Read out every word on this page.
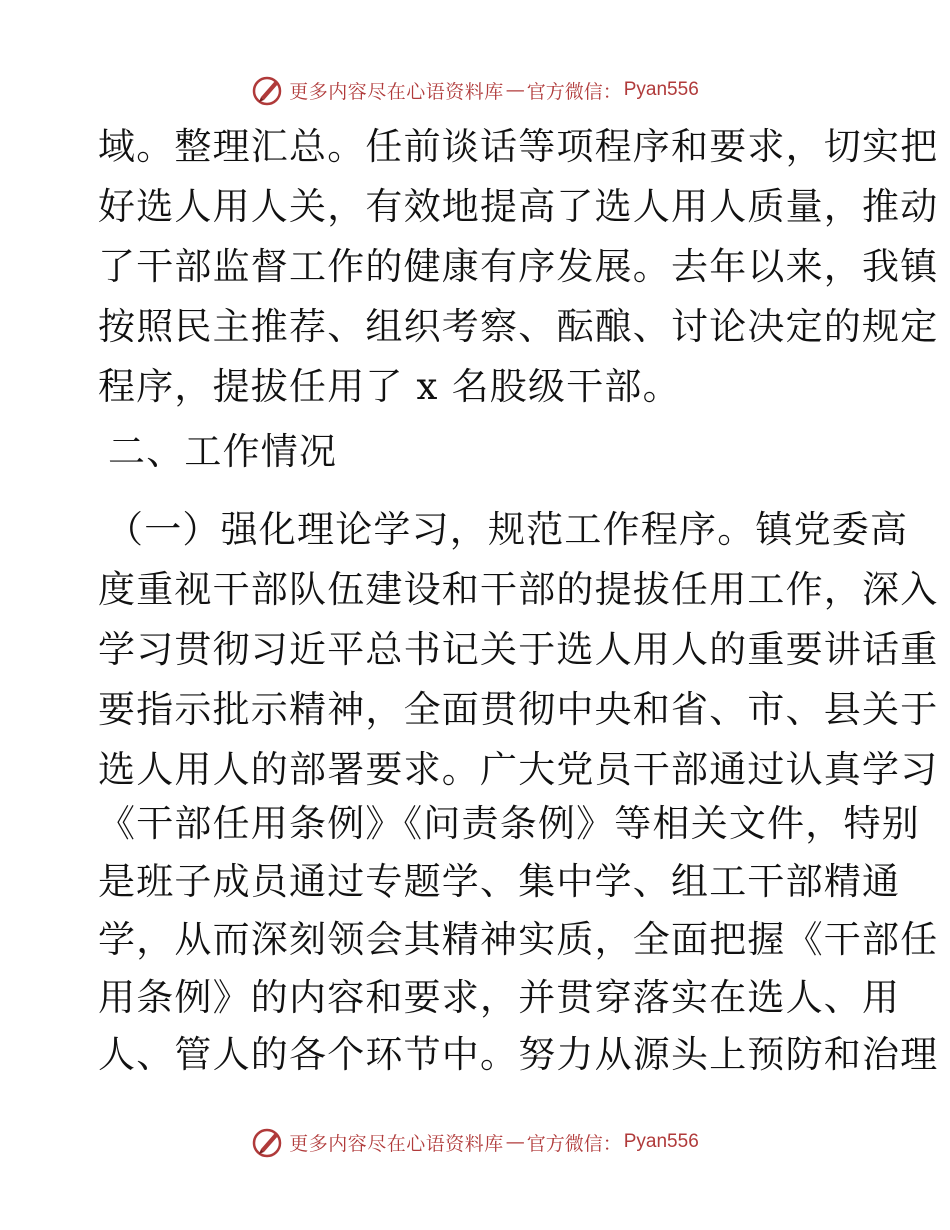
更多内容尽在心语资料库 — 官方微信： Pyan556
域。整理汇总。任前谈话等项程序和要求，切实把
好选人用人关，有效地提高了选人用人质量，推动
了干部监督工作的健康有序发展。去年以来，我镇
按照民主推荐、组织考察、酝酿、讨论决定的规定
程序，提拔任用了 x 名股级干部。
二、工作情况
（一）强化理论学习，规范工作程序。镇党委高
度重视干部队伍建设和干部的提拔任用工作，深入
学习贯彻习近平总书记关于选人用人的重要讲话重
要指示批示精神，全面贯彻中央和省、市、县关于
选人用人的部署要求。广大党员干部通过认真学习
《干部任用条例》《问责条例》等相关文件，特别
是班子成员通过专题学、集中学、组工干部精通
学，从而深刻领会其精神实质，全面把握《干部任
用条例》的内容和要求，并贯穿落实在选人、用
人、管人的各个环节中。努力从源头上预防和治理
更多内容尽在心语资料库 — 官方微信： Pyan556
